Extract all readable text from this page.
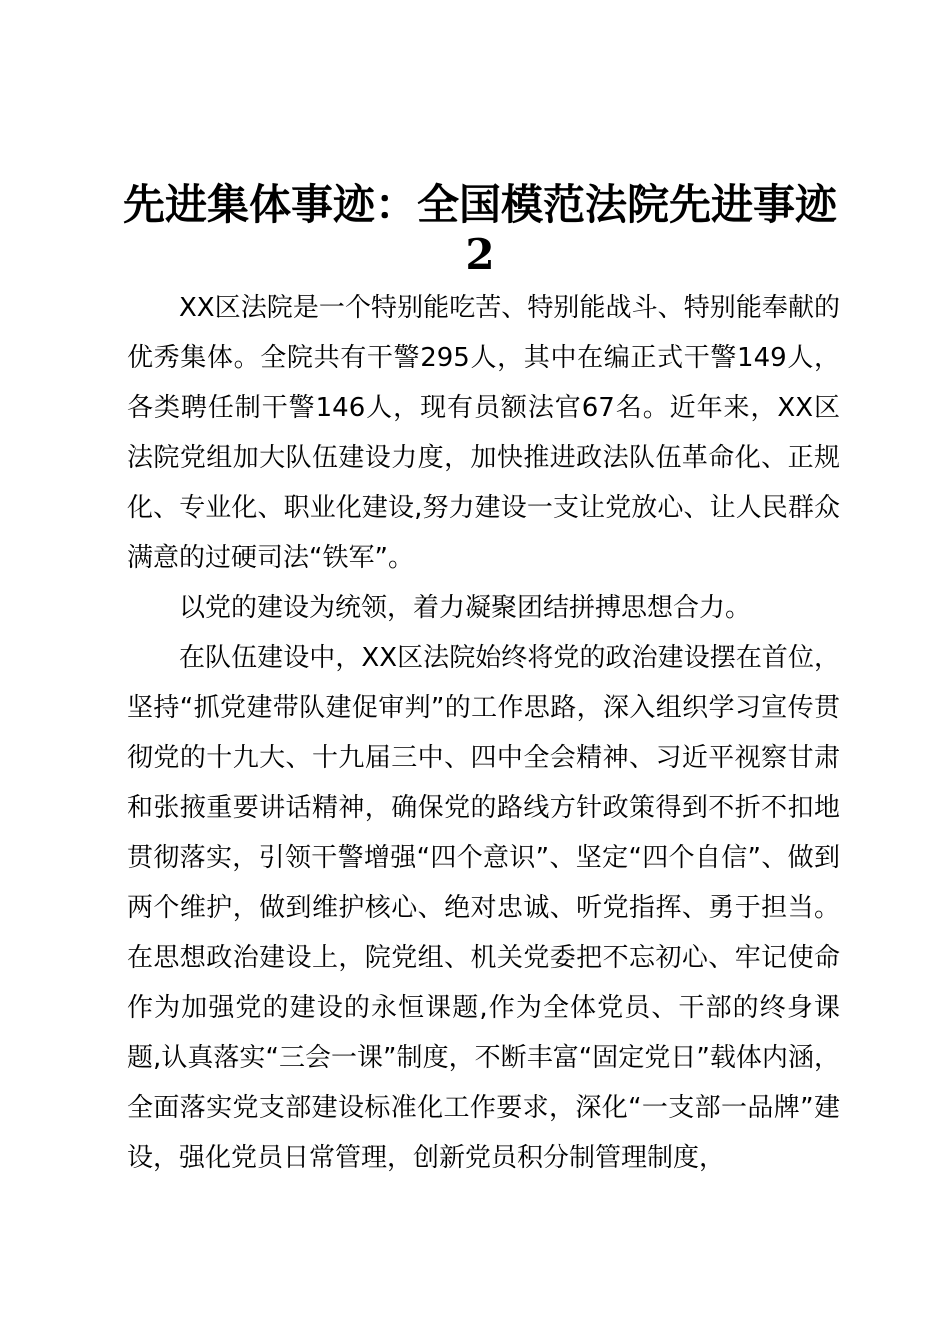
先进集体事迹：全国模范法院先进事迹2

XX区法院是一个特别能吃苦、特别能战斗、特别能奉献的优秀集体。全院共有干警295人，其中在编正式干警149人，各类聘任制干警146人，现有员额法官67名。近年来，XX区法院党组加大队伍建设力度，加快推进政法队伍革命化、正规化、专业化、职业化建设,努力建设一支让党放心、让人民群众满意的过硬司法“铁军”。

以党的建设为统领，着力凝聚团结拼搏思想合力。

在队伍建设中，XX区法院始终将党的政治建设摆在首位，坚持“抓党建带队建促审判”的工作思路，深入组织学习宣传贯彻党的十九大、十九届三中、四中全会精神、习近平视察甘肃和张掖重要讲话精神，确保党的路线方针政策得到不折不扣地贯彻落实，引领干警增强“四个意识”、坚定“四个自信”、做到两个维护，做到维护核心、绝对忠诚、听党指挥、勇于担当。在思想政治建设上，院党组、机关党委把不忘初心、牢记使命作为加强党的建设的永恒课题,作为全体党员、干部的终身课题,认真落实“三会一课”制度，不断丰富“固定党日”载体内涵，全面落实党支部建设标准化工作要求，深化“一支部一品牌”建设，强化党员日常管理，创新党员积分制管理制度，
